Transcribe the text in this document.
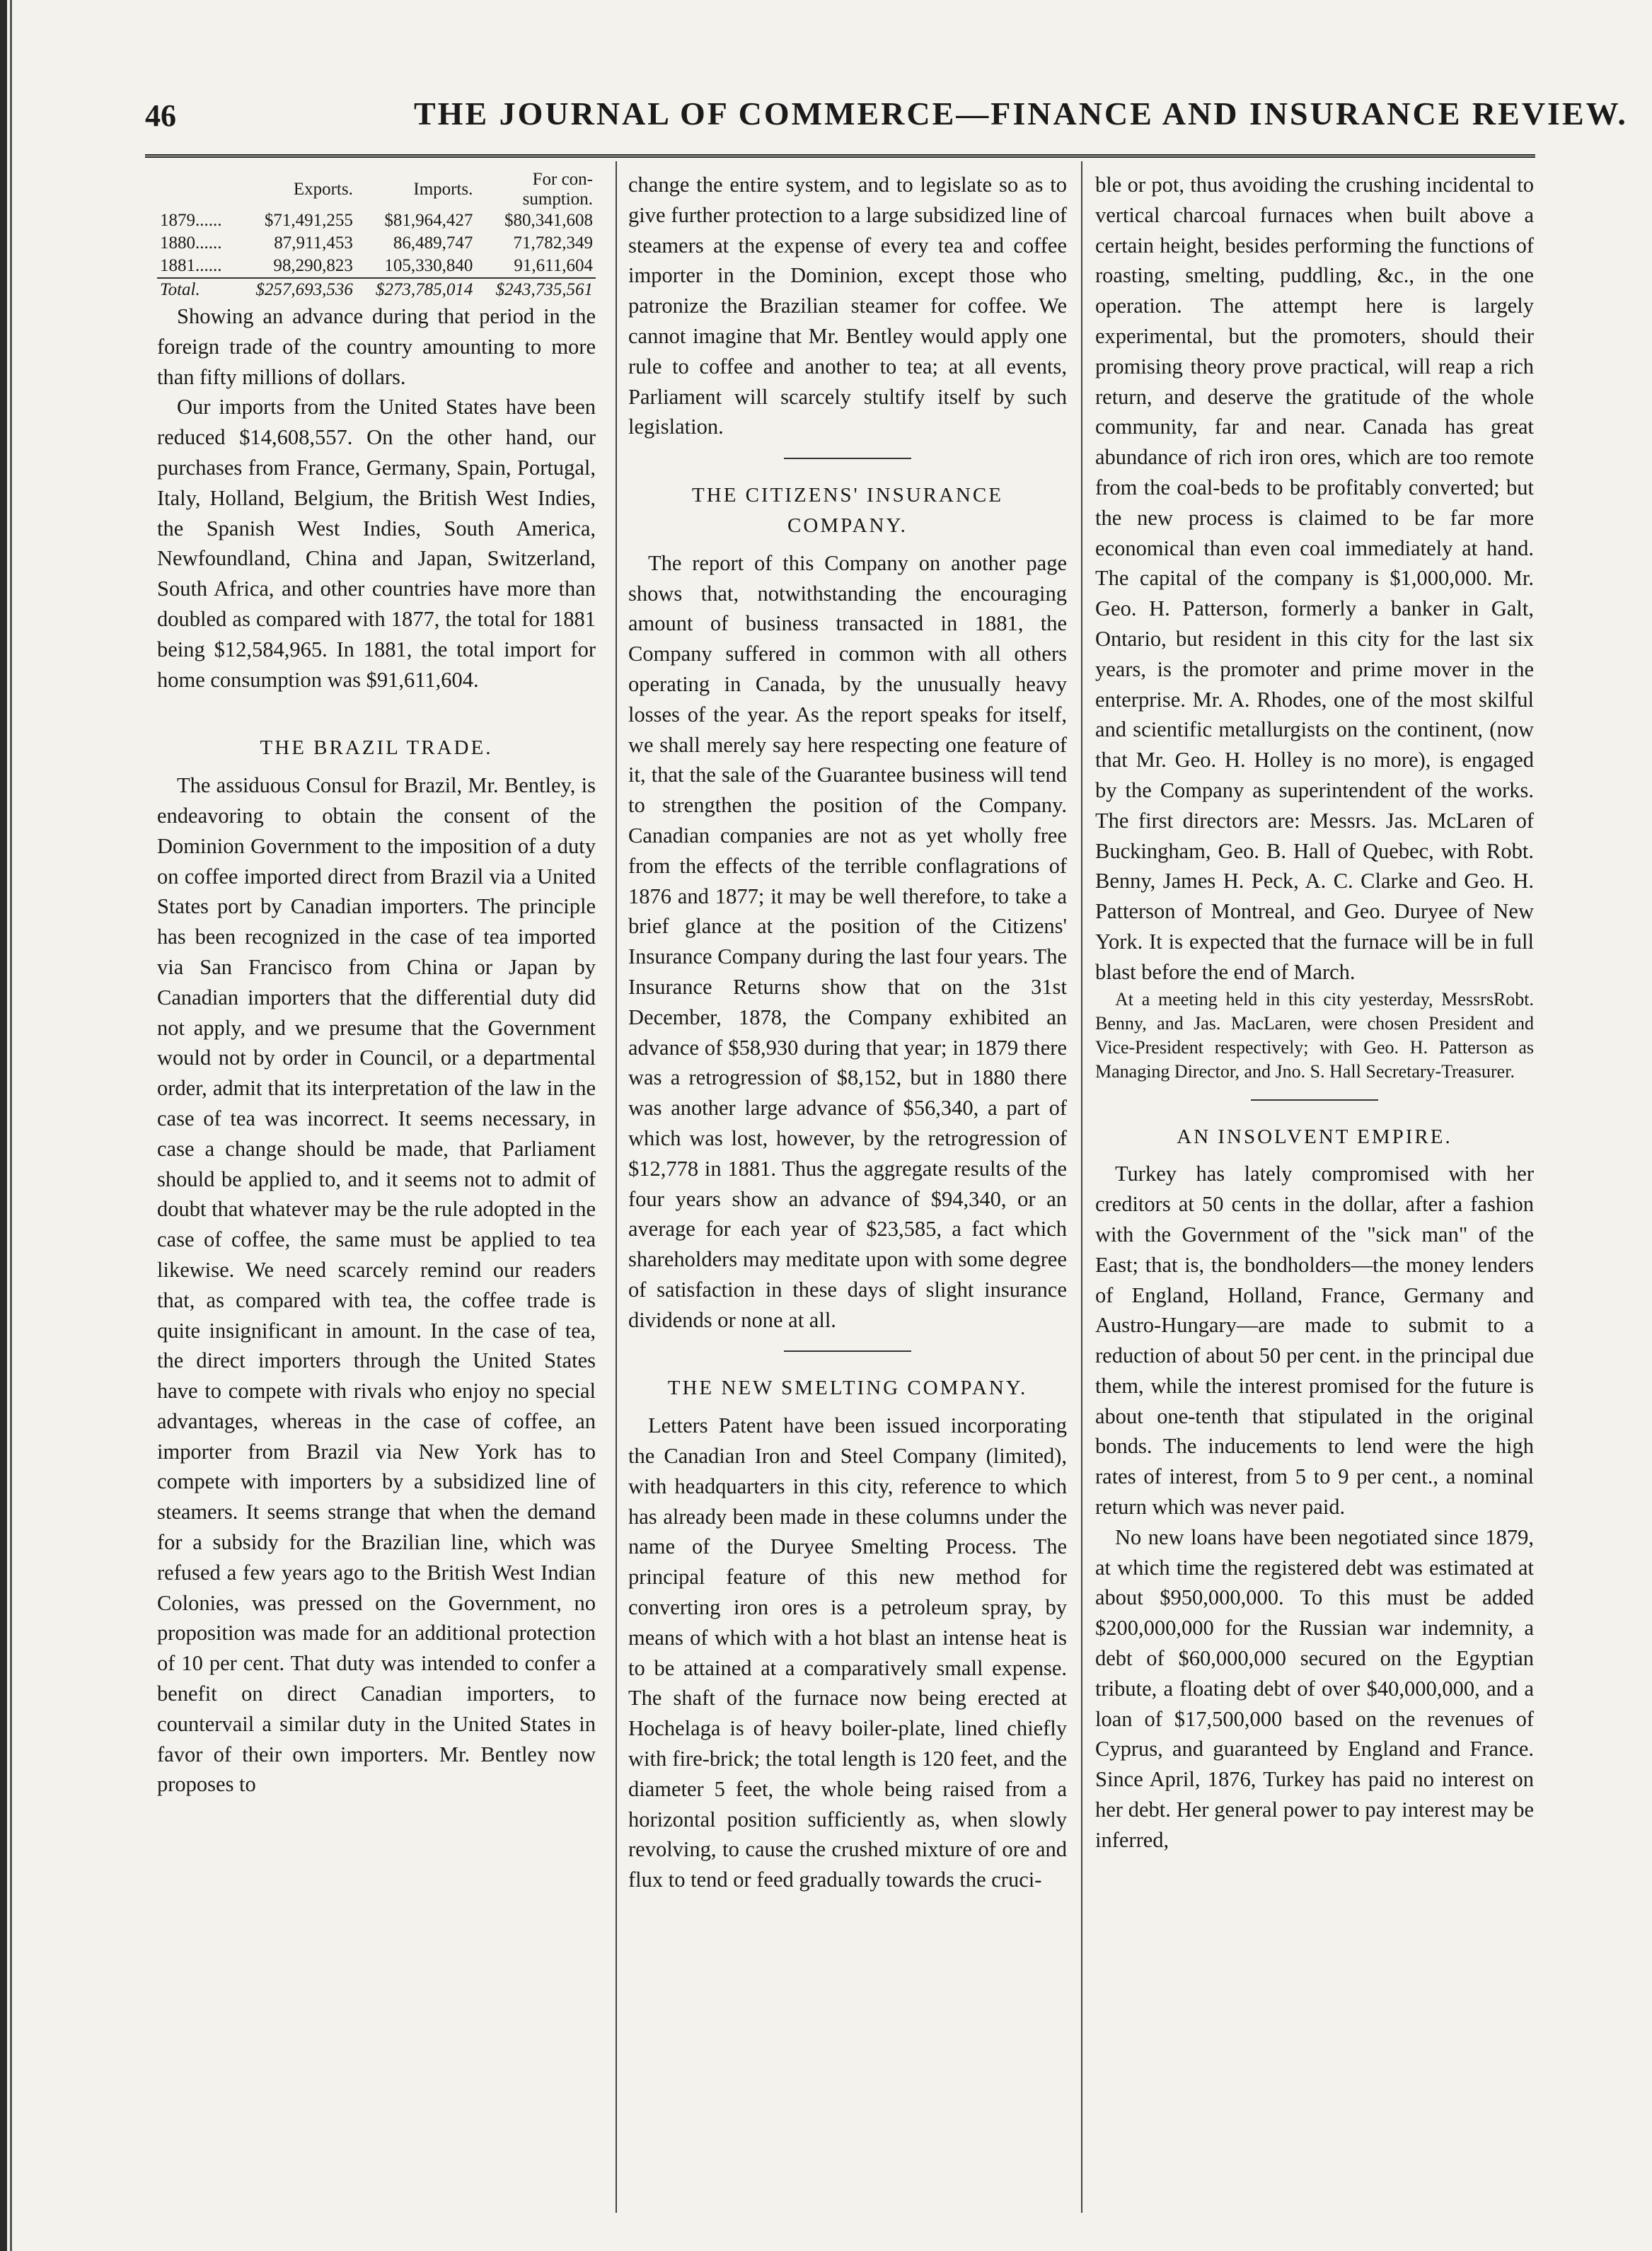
46	THE JOURNAL OF COMMERCE—FINANCE AND INSURANCE REVIEW.
	Exports.	Imports.	For con-
sumption.
1879......	$71,491,255	$81,964,427	$80,341,608
1880......	87,911,453	86,489,747	71,782,349
1881......	98,290,823	105,330,840	91,611,604
Total.	$257,693,536	$273,785,014	$243,735,561

Showing an advance during that period in the foreign trade of the country amounting to more than fifty millions of dollars.

Our imports from the United States have been reduced $14,608,557. On the other hand, our purchases from France, Germany, Spain, Portugal, Italy, Holland, Belgium, the British West Indies, the Spanish West Indies, South America, Newfoundland, China and Japan, Switzerland, South Africa, and other countries have more than doubled as compared with 1877, the total for 1881 being $12,584,965. In 1881, the total import for home consumption was $91,611,604.

THE BRAZIL TRADE.

The assiduous Consul for Brazil, Mr. Bentley, is endeavoring to obtain the consent of the Dominion Government to the imposition of a duty on coffee imported direct from Brazil via a United States port by Canadian importers. The principle has been recognized in the case of tea imported via San Francisco from China or Japan by Canadian importers that the differential duty did not apply, and we presume that the Government would not by order in Council, or a departmental order, admit that its interpretation of the law in the case of tea was incorrect. It seems necessary, in case a change should be made, that Parliament should be applied to, and it seems not to admit of doubt that whatever may be the rule adopted in the case of coffee, the same must be applied to tea likewise. We need scarcely remind our readers that, as compared with tea, the coffee trade is quite insignificant in amount. In the case of tea, the direct importers through the United States have to compete with rivals who enjoy no special advantages, whereas in the case of coffee, an importer from Brazil via New York has to compete with importers by a subsidized line of steamers. It seems strange that when the demand for a subsidy for the Brazilian line, which was refused a few years ago to the British West Indian Colonies, was pressed on the Government, no proposition was made for an additional protection of 10 per cent. That duty was intended to confer a benefit on direct Canadian importers, to countervail a similar duty in the United States in favor of their own importers. Mr. Bentley now proposes to

change the entire system, and to legislate so as to give further protection to a large subsidized line of steamers at the expense of every tea and coffee importer in the Dominion, except those who patronize the Brazilian steamer for coffee. We cannot imagine that Mr. Bentley would apply one rule to coffee and another to tea; at all events, Parliament will scarcely stultify itself by such legislation.

THE CITIZENS' INSURANCE COMPANY.

The report of this Company on another page shows that, notwithstanding the encouraging amount of business transacted in 1881, the Company suffered in common with all others operating in Canada, by the unusually heavy losses of the year. As the report speaks for itself, we shall merely say here respecting one feature of it, that the sale of the Guarantee business will tend to strengthen the position of the Company. Canadian companies are not as yet wholly free from the effects of the terrible conflagrations of 1876 and 1877; it may be well therefore, to take a brief glance at the position of the Citizens' Insurance Company during the last four years. The Insurance Returns show that on the 31st December, 1878, the Company exhibited an advance of $58,930 during that year; in 1879 there was a retrogression of $8,152, but in 1880 there was another large advance of $56,340, a part of which was lost, however, by the retrogression of $12,778 in 1881. Thus the aggregate results of the four years show an advance of $94,340, or an average for each year of $23,585, a fact which shareholders may meditate upon with some degree of satisfaction in these days of slight insurance dividends or none at all.

THE NEW SMELTING COMPANY.

Letters Patent have been issued incorporating the Canadian Iron and Steel Company (limited), with headquarters in this city, reference to which has already been made in these columns under the name of the Duryee Smelting Process. The principal feature of this new method for converting iron ores is a petroleum spray, by means of which with a hot blast an intense heat is to be attained at a comparatively small expense. The shaft of the furnace now being erected at Hochelaga is of heavy boiler-plate, lined chiefly with fire-brick; the total length is 120 feet, and the diameter 5 feet, the whole being raised from a horizontal position sufficiently as, when slowly revolving, to cause the crushed mixture of ore and flux to tend or feed gradually towards the cruci-

ble or pot, thus avoiding the crushing incidental to vertical charcoal furnaces when built above a certain height, besides performing the functions of roasting, smelting, puddling, &c., in the one operation. The attempt here is largely experimental, but the promoters, should their promising theory prove practical, will reap a rich return, and deserve the gratitude of the whole community, far and near. Canada has great abundance of rich iron ores, which are too remote from the coal-beds to be profitably converted; but the new process is claimed to be far more economical than even coal immediately at hand. The capital of the company is $1,000,000. Mr. Geo. H. Patterson, formerly a banker in Galt, Ontario, but resident in this city for the last six years, is the promoter and prime mover in the enterprise. Mr. A. Rhodes, one of the most skilful and scientific metallurgists on the continent, (now that Mr. Geo. H. Holley is no more), is engaged by the Company as superintendent of the works. The first directors are: Messrs. Jas. McLaren of Buckingham, Geo. B. Hall of Quebec, with Robt. Benny, James H. Peck, A. C. Clarke and Geo. H. Patterson of Montreal, and Geo. Duryee of New York. It is expected that the furnace will be in full blast before the end of March.

At a meeting held in this city yesterday, MessrsRobt. Benny, and Jas. MacLaren, were chosen President and Vice-President respectively; with Geo. H. Patterson as Managing Director, and Jno. S. Hall Secretary-Treasurer.

AN INSOLVENT EMPIRE.

Turkey has lately compromised with her creditors at 50 cents in the dollar, after a fashion with the Government of the "sick man" of the East; that is, the bondholders—the money lenders of England, Holland, France, Germany and Austro-Hungary—are made to submit to a reduction of about 50 per cent. in the principal due them, while the interest promised for the future is about one-tenth that stipulated in the original bonds. The inducements to lend were the high rates of interest, from 5 to 9 per cent., a nominal return which was never paid.

No new loans have been negotiated since 1879, at which time the registered debt was estimated at about $950,000,000. To this must be added $200,000,000 for the Russian war indemnity, a debt of $60,000,000 secured on the Egyptian tribute, a floating debt of over $40,000,000, and a loan of $17,500,000 based on the revenues of Cyprus, and guaranteed by England and France. Since April, 1876, Turkey has paid no interest on her debt. Her general power to pay interest may be inferred,
